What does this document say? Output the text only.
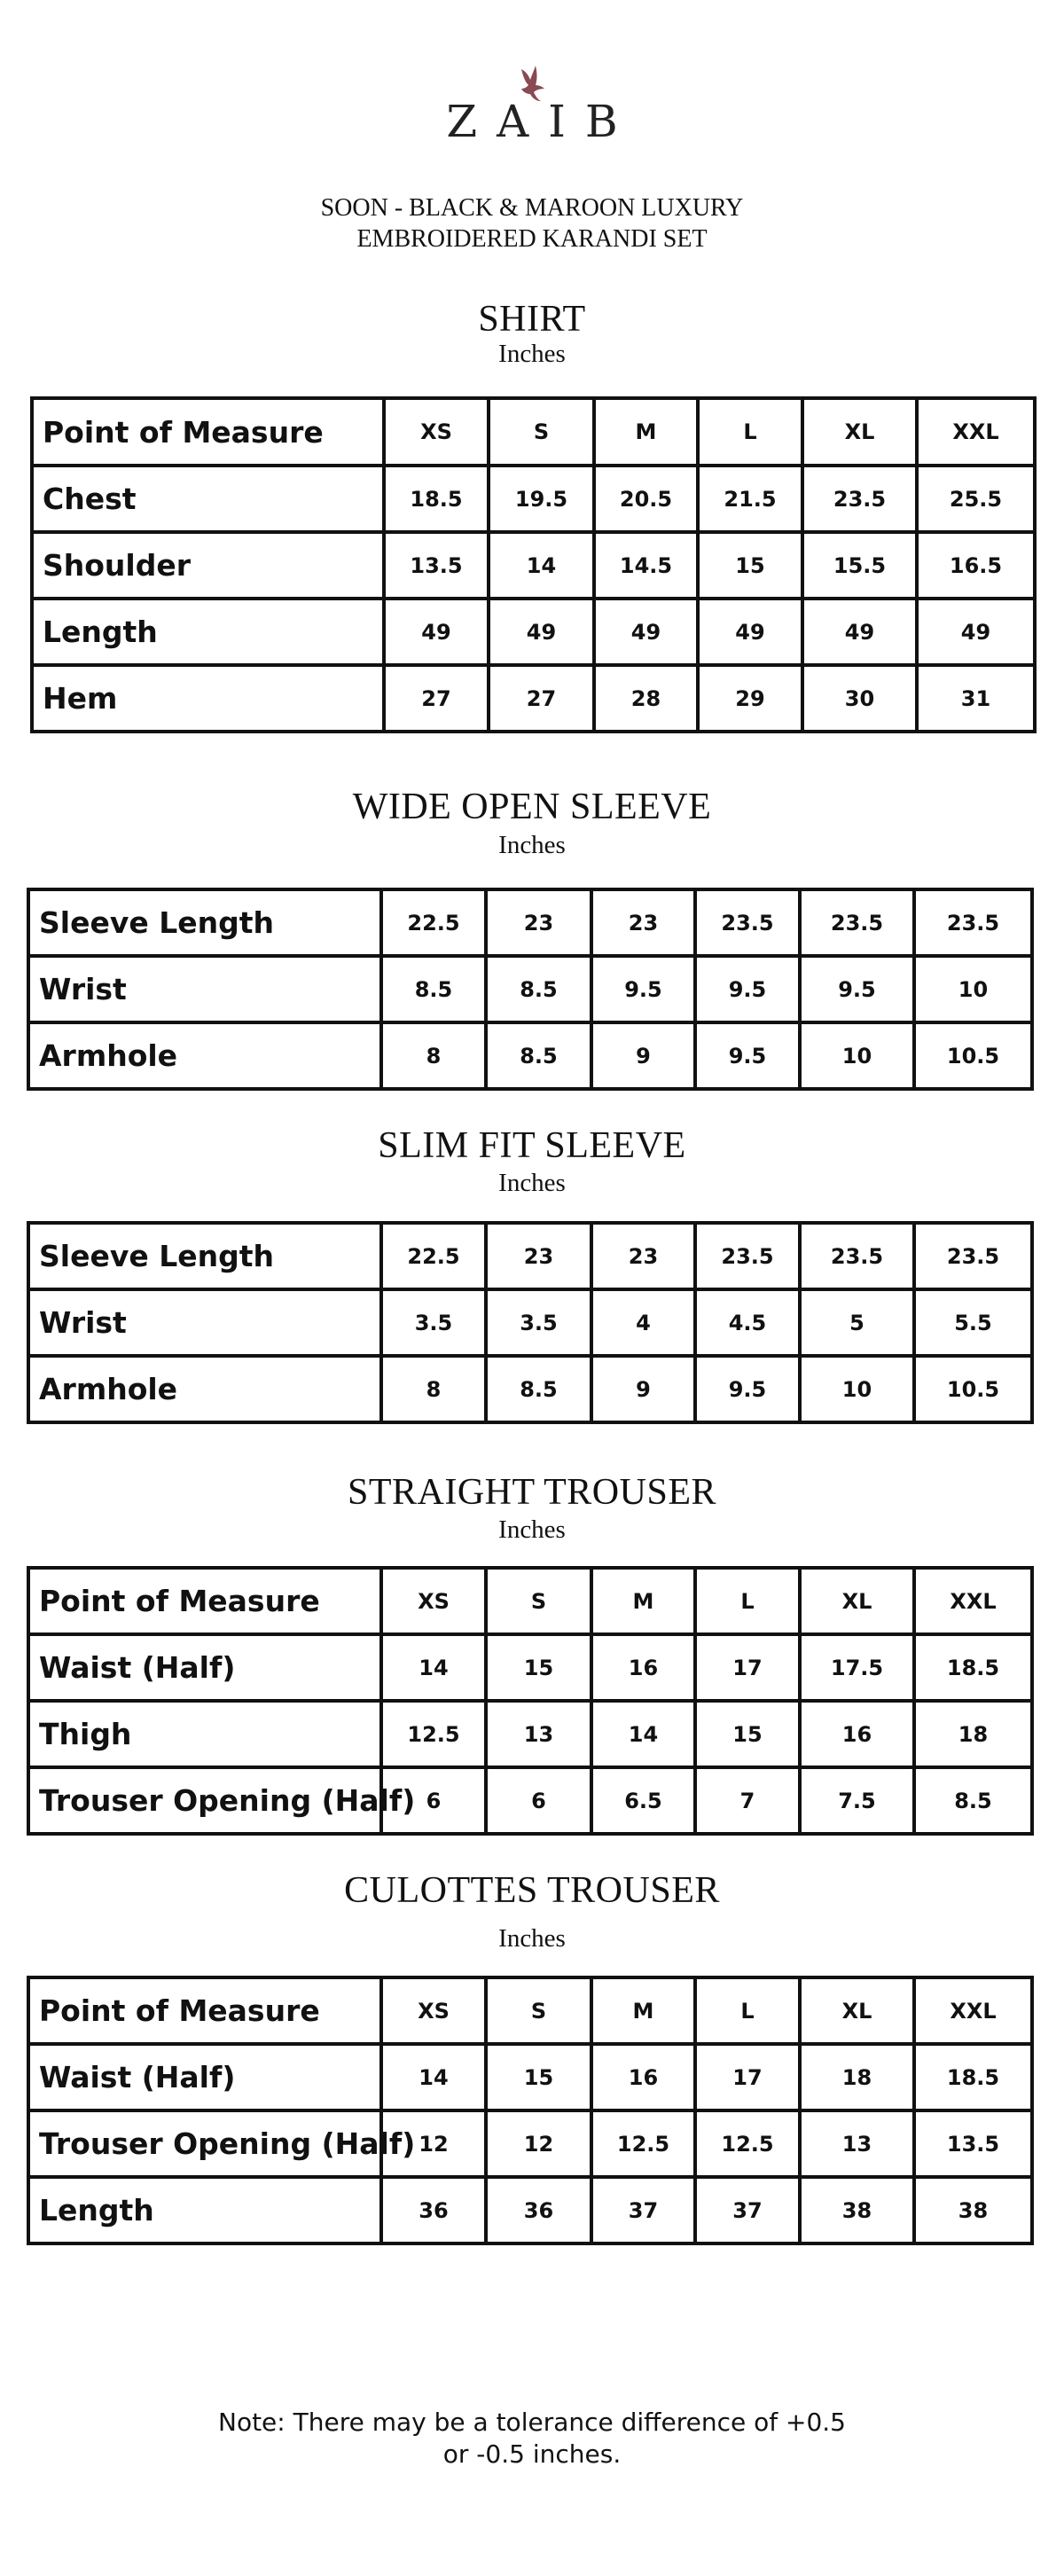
ZAIB
SOON - BLACK & MAROON LUXURY
EMBROIDERED KARANDI SET
SHIRT
Inches
Point of Measure	XS	S	M	L	XL	XXL
Chest	18.5	19.5	20.5	21.5	23.5	25.5
Shoulder	13.5	14	14.5	15	15.5	16.5
Length	49	49	49	49	49	49
Hem	27	27	28	29	30	31
WIDE OPEN SLEEVE
Inches
Sleeve Length	22.5	23	23	23.5	23.5	23.5
Wrist	8.5	8.5	9.5	9.5	9.5	10
Armhole	8	8.5	9	9.5	10	10.5
SLIM FIT SLEEVE
Inches
Sleeve Length	22.5	23	23	23.5	23.5	23.5
Wrist	3.5	3.5	4	4.5	5	5.5
Armhole	8	8.5	9	9.5	10	10.5
STRAIGHT TROUSER
Inches
Point of Measure	XS	S	M	L	XL	XXL
Waist (Half)	14	15	16	17	17.5	18.5
Thigh	12.5	13	14	15	16	18
Trouser Opening (Half)	6	6	6.5	7	7.5	8.5
CULOTTES TROUSER
Inches
Point of Measure	XS	S	M	L	XL	XXL
Waist (Half)	14	15	16	17	18	18.5
Trouser Opening (Half)	12	12	12.5	12.5	13	13.5
Length	36	36	37	37	38	38
Note: There may be a tolerance difference of +0.5
or -0.5 inches.
